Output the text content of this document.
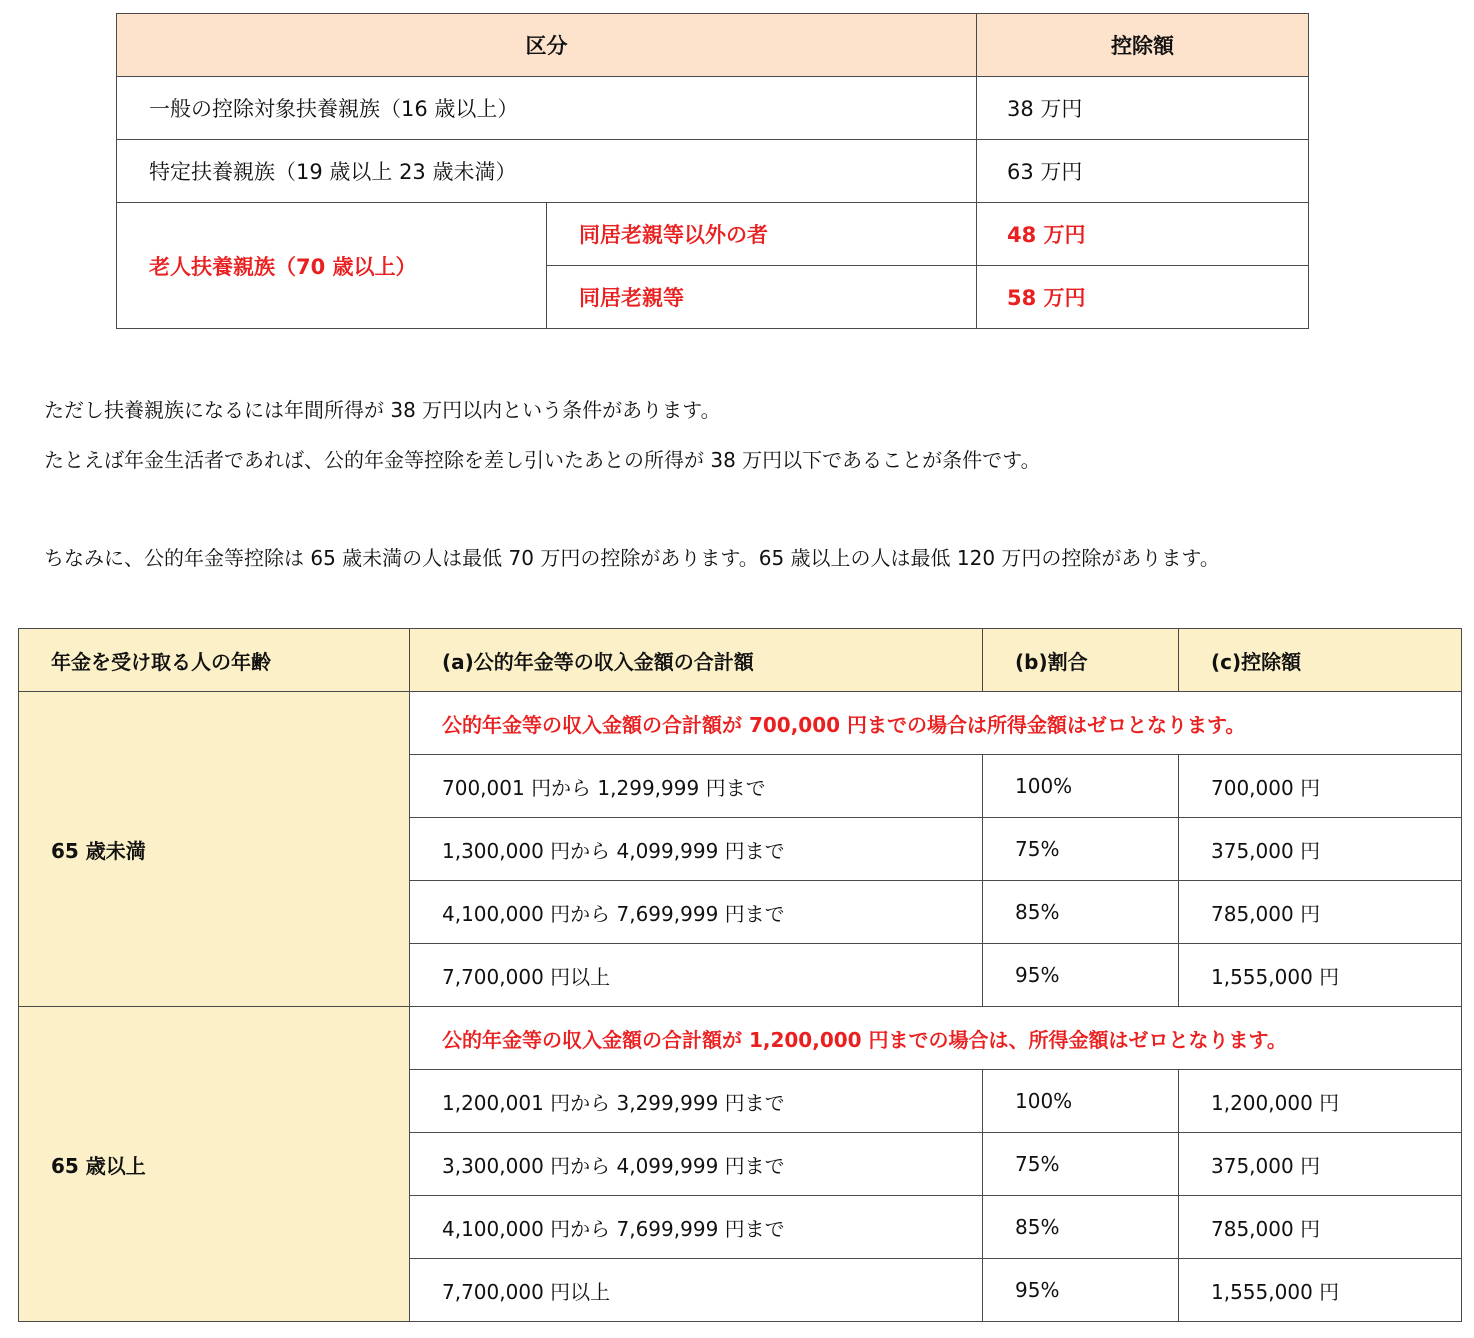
区分		控除額
一般の控除対象扶養親族（16 歳以上）		38 万円
特定扶養親族（19 歳以上 23 歳未満）		63 万円
老人扶養親族（70 歳以上）	同居老親等以外の者	48 万円
	同居老親等	58 万円

ただし扶養親族になるには年間所得が 38 万円以内という条件があります。

たとえば年金生活者であれば、公的年金等控除を差し引いたあとの所得が 38 万円以下であることが条件です。

ちなみに、公的年金等控除は 65 歳未満の人は最低 70 万円の控除があります。65 歳以上の人は最低 120 万円の控除があります。

年金を受け取る人の年齢	(a)公的年金等の収入金額の合計額	(b)割合	(c)控除額
65 歳未満	公的年金等の収入金額の合計額が 700,000 円までの場合は所得金額はゼロとなります。		
	700,001 円から 1,299,999 円まで	100%	700,000 円
	1,300,000 円から 4,099,999 円まで	75%	375,000 円
	4,100,000 円から 7,699,999 円まで	85%	785,000 円
	7,700,000 円以上	95%	1,555,000 円
65 歳以上	公的年金等の収入金額の合計額が 1,200,000 円までの場合は、所得金額はゼロとなります。		
	1,200,001 円から 3,299,999 円まで	100%	1,200,000 円
	3,300,000 円から 4,099,999 円まで	75%	375,000 円
	4,100,000 円から 7,699,999 円まで	85%	785,000 円
	7,700,000 円以上	95%	1,555,000 円
